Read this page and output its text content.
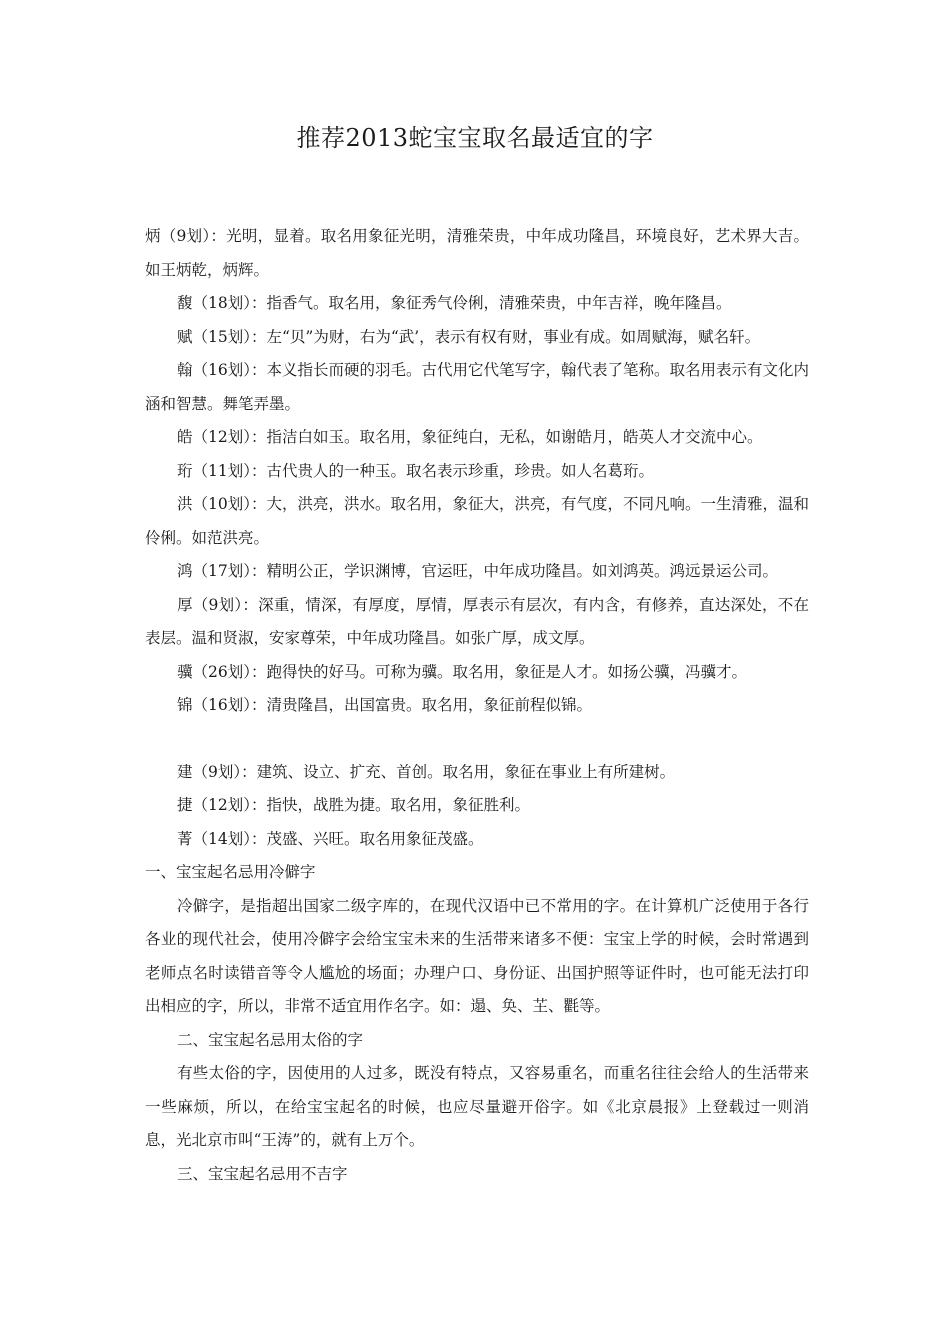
推荐2013蛇宝宝取名最适宜的字

炳（9划）：光明，显着。取名用象征光明，清雅荣贵，中年成功隆昌，环境良好，艺术界大吉。如王炳乾，炳辉。

馥（18划）：指香气。取名用，象征秀气伶俐，清雅荣贵，中年吉祥，晚年隆昌。

赋（15划）：左“贝”为财，右为“武’，表示有权有财，事业有成。如周赋海，赋名轩。

翰（16划）：本义指长而硬的羽毛。古代用它代笔写字，翰代表了笔称。取名用表示有文化内涵和智慧。舞笔弄墨。

皓（12划）：指洁白如玉。取名用，象征纯白，无私，如谢皓月，皓英人才交流中心。

珩（11划）：古代贵人的一种玉。取名表示珍重，珍贵。如人名葛珩。

洪（10划）：大，洪亮，洪水。取名用，象征大，洪亮，有气度，不同凡响。一生清雅，温和伶俐。如范洪亮。

鸿（17划）：精明公正，学识渊博，官运旺，中年成功隆昌。如刘鸿英。鸿远景运公司。

厚（9划）：深重，情深，有厚度，厚情，厚表示有层次，有内含，有修养，直达深处，不在表层。温和贤淑，安家尊荣，中年成功隆昌。如张广厚，成文厚。

骥（26划）：跑得快的好马。可称为骥。取名用，象征是人才。如扬公骥，冯骥才。

锦（16划）：清贵隆昌，出国富贵。取名用，象征前程似锦。

建（9划）：建筑、设立、扩充、首创。取名用，象征在事业上有所建树。

捷（12划）：指快，战胜为捷。取名用，象征胜利。

菁（14划）：茂盛、兴旺。取名用象征茂盛。

一、宝宝起名忌用冷僻字

冷僻字，是指超出国家二级字库的，在现代汉语中已不常用的字。在计算机广泛使用于各行各业的现代社会，使用冷僻字会给宝宝未来的生活带来诸多不便：宝宝上学的时候，会时常遇到老师点名时读错音等令人尴尬的场面；办理户口、身份证、出国护照等证件时，也可能无法打印出相应的字，所以，非常不适宜用作名字。如：遢、奂、芏、氍等。

二、宝宝起名忌用太俗的字

有些太俗的字，因使用的人过多，既没有特点，又容易重名，而重名往往会给人的生活带来一些麻烦，所以，在给宝宝起名的时候，也应尽量避开俗字。如《北京晨报》上登载过一则消息，光北京市叫“王涛”的，就有上万个。

三、宝宝起名忌用不吉字
